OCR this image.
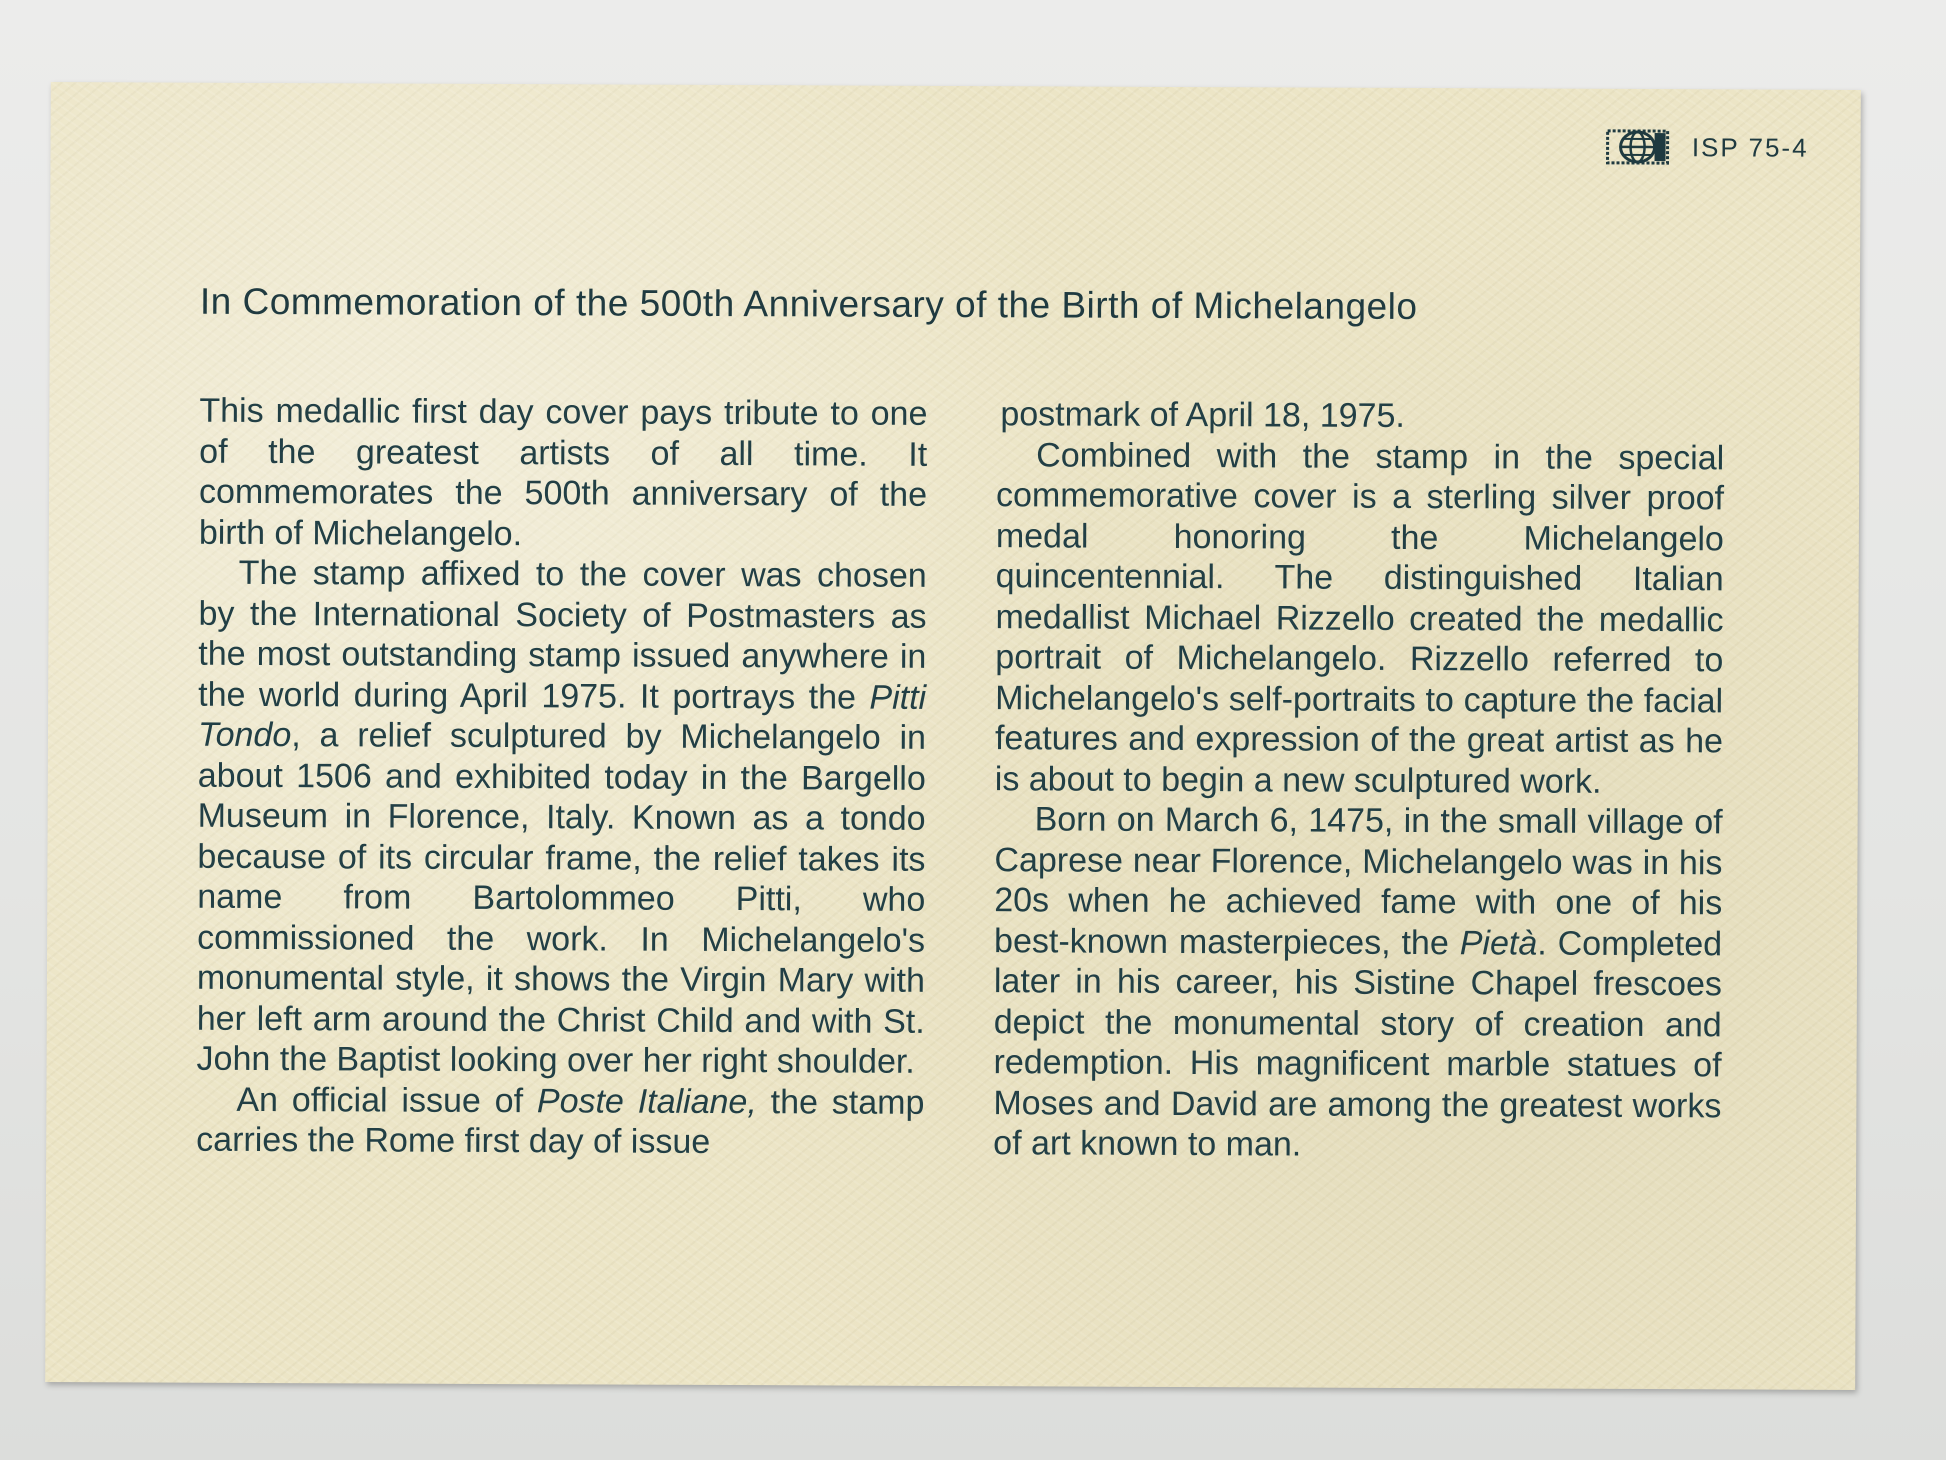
ISP 75-4
In Commemoration of the 500th Anniversary of the Birth of Michelangelo

This medallic first day cover pays tribute to one of the greatest artists of all time. It commemorates the 500th anniversary of the birth of Michelangelo.

The stamp affixed to the cover was chosen by the International Society of Postmasters as the most outstanding stamp issued anywhere in the world during April 1975. It portrays the Pitti Tondo, a relief sculptured by Michelangelo in about 1506 and exhibited today in the Bargello Museum in Florence, Italy. Known as a tondo because of its circular frame, the relief takes its name from Bartolommeo Pitti, who commissioned the work. In Michelangelo's monumental style, it shows the Virgin Mary with her left arm around the Christ Child and with St. John the Baptist looking over her right shoulder.

An official issue of Poste Italiane, the stamp carries the Rome first day of issue

postmark of April 18, 1975.

Combined with the stamp in the special commemorative cover is a sterling silver proof medal honoring the Michelangelo quincentennial. The distinguished Italian medallist Michael Rizzello created the medallic portrait of Michelangelo. Rizzello referred to Michelangelo's self-portraits to capture the facial features and expression of the great artist as he is about to begin a new sculptured work.

Born on March 6, 1475, in the small village of Caprese near Florence, Michelangelo was in his 20s when he achieved fame with one of his best-known masterpieces, the Pietà. Completed later in his career, his Sistine Chapel frescoes depict the monumental story of creation and redemption. His magnificent marble statues of Moses and David are among the greatest works of art known to man.
